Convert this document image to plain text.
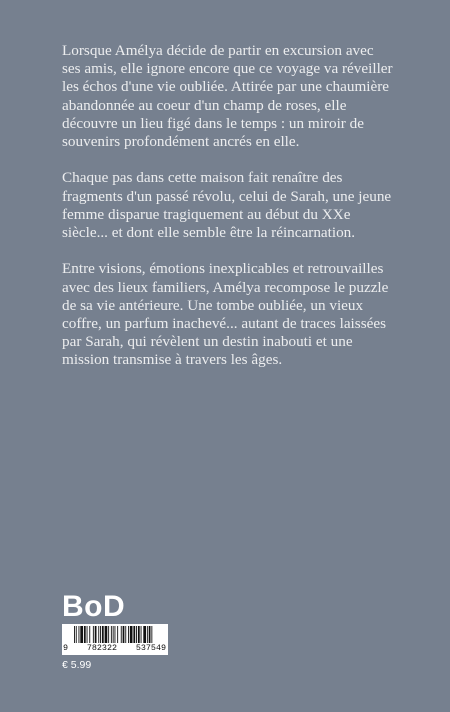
Lorsque Amélya décide de partir en excursion avec ses amis, elle ignore encore que ce voyage va réveiller les échos d'une vie oubliée. Attirée par une chaumière abandonnée au coeur d'un champ de roses, elle découvre un lieu figé dans le temps : un miroir de souvenirs profondément ancrés en elle.

Chaque pas dans cette maison fait renaître des fragments d'un passé révolu, celui de Sarah, une jeune femme disparue tragiquement au début du XXe siècle... et dont elle semble être la réincarnation.

Entre visions, émotions inexplicables et retrouvailles avec des lieux familiers, Amélya recompose le puzzle de sa vie antérieure. Une tombe oubliée, un vieux coffre, un parfum inachevé... autant de traces laissées par Sarah, qui révèlent un destin inabouti et une mission transmise à travers les âges.

BoD
9 782322 537549
€ 5.99
